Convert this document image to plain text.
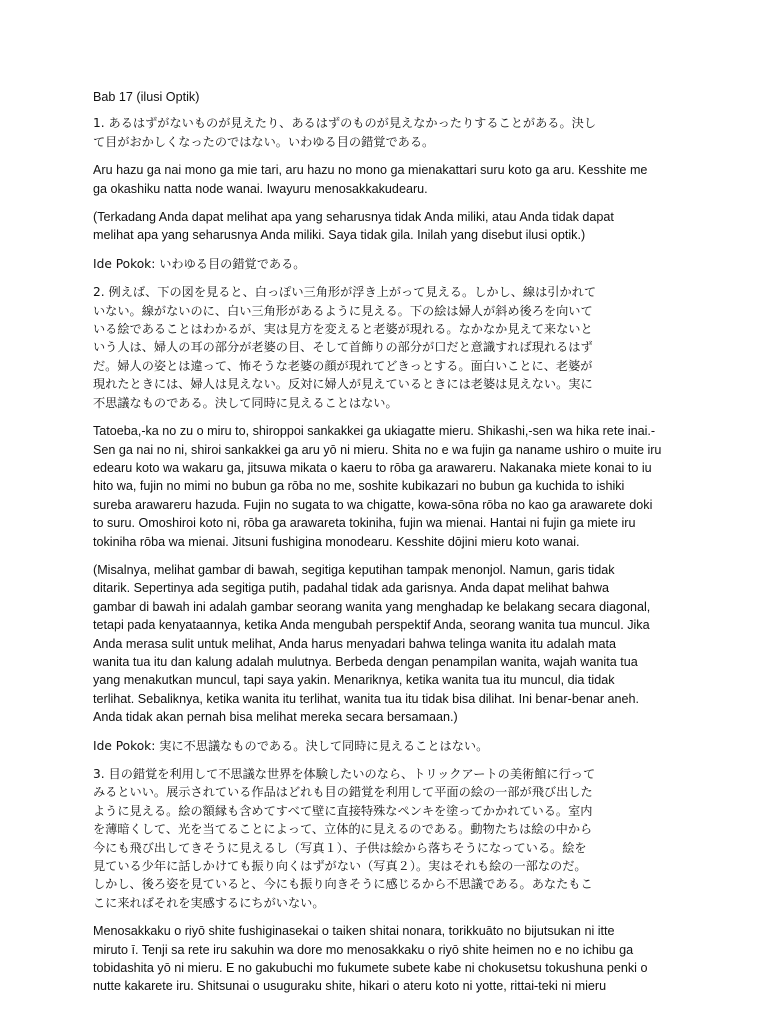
Bab 17 (ilusi Optik)

1. あるはずがないものが見えたり、あるはずのものが見えなかったりすることがある。決し
て目がおかしくなったのではない。いわゆる目の錯覚である。

Aru hazu ga nai mono ga mie tari, aru hazu no mono ga mienakattari suru koto ga aru. Kesshite me
ga okashiku natta node wanai. Iwayuru menosakkakudearu.

(Terkadang Anda dapat melihat apa yang seharusnya tidak Anda miliki, atau Anda tidak dapat
melihat apa yang seharusnya Anda miliki. Saya tidak gila. Inilah yang disebut ilusi optik.)

Ide Pokok: いわゆる目の錯覚である。

2. 例えば、下の図を見ると、白っぽい三角形が浮き上がって見える。しかし、線は引かれて
いない。線がないのに、白い三角形があるように見える。下の絵は婦人が斜め後ろを向いて
いる絵であることはわかるが、実は見方を変えると老婆が現れる。なかなか見えて来ないと
いう人は、婦人の耳の部分が老婆の目、そして首飾りの部分が口だと意識すれば現れるはず
だ。婦人の姿とは違って、怖そうな老婆の顔が現れてどきっとする。面白いことに、老婆が
現れたときには、婦人は見えない。反対に婦人が見えているときには老婆は見えない。実に
不思議なものである。決して同時に見えることはない。

Tatoeba,-ka no zu o miru to, shiroppoi sankakkei ga ukiagatte mieru. Shikashi,-sen wa hika rete inai.-
Sen ga nai no ni, shiroi sankakkei ga aru yō ni mieru. Shita no e wa fujin ga naname ushiro o muite iru
edearu koto wa wakaru ga, jitsuwa mikata o kaeru to rōba ga arawareru. Nakanaka miete konai to iu
hito wa, fujin no mimi no bubun ga rōba no me, soshite kubikazari no bubun ga kuchida to ishiki
sureba arawareru hazuda. Fujin no sugata to wa chigatte, kowa-sōna rōba no kao ga arawarete doki
to suru. Omoshiroi koto ni, rōba ga arawareta tokiniha, fujin wa mienai. Hantai ni fujin ga miete iru
tokiniha rōba wa mienai. Jitsuni fushigina monodearu. Kesshite dōjini mieru koto wanai.

(Misalnya, melihat gambar di bawah, segitiga keputihan tampak menonjol. Namun, garis tidak
ditarik. Sepertinya ada segitiga putih, padahal tidak ada garisnya. Anda dapat melihat bahwa
gambar di bawah ini adalah gambar seorang wanita yang menghadap ke belakang secara diagonal,
tetapi pada kenyataannya, ketika Anda mengubah perspektif Anda, seorang wanita tua muncul. Jika
Anda merasa sulit untuk melihat, Anda harus menyadari bahwa telinga wanita itu adalah mata
wanita tua itu dan kalung adalah mulutnya. Berbeda dengan penampilan wanita, wajah wanita tua
yang menakutkan muncul, tapi saya yakin. Menariknya, ketika wanita tua itu muncul, dia tidak
terlihat. Sebaliknya, ketika wanita itu terlihat, wanita tua itu tidak bisa dilihat. Ini benar-benar aneh.
Anda tidak akan pernah bisa melihat mereka secara bersamaan.)

Ide Pokok: 実に不思議なものである。決して同時に見えることはない。

3. 目の錯覚を利用して不思議な世界を体験したいのなら、トリックアートの美術館に行って
みるといい。展示されている作品はどれも目の錯覚を利用して平面の絵の一部が飛び出した
ように見える。絵の額縁も含めてすべて壁に直接特殊なペンキを塗ってかかれている。室内
を薄暗くして、光を当てることによって、立体的に見えるのである。動物たちは絵の中から
今にも飛び出してきそうに見えるし（写真１）、子供は絵から落ちそうになっている。絵を
見ている少年に話しかけても振り向くはずがない（写真２）。実はそれも絵の一部なのだ。
しかし、後ろ姿を見ていると、今にも振り向きそうに感じるから不思議である。あなたもこ
こに来ればそれを実感するにちがいない。

Menosakkaku o riyō shite fushiginasekai o taiken shitai nonara, torikkuāto no bijutsukan ni itte
miruto ī. Tenji sa rete iru sakuhin wa dore mo menosakkaku o riyō shite heimen no e no ichibu ga
tobidashita yō ni mieru. E no gakubuchi mo fukumete subete kabe ni chokusetsu tokushuna penki o
nutte kakarete iru. Shitsunai o usuguraku shite, hikari o ateru koto ni yotte, rittai-teki ni mieru
